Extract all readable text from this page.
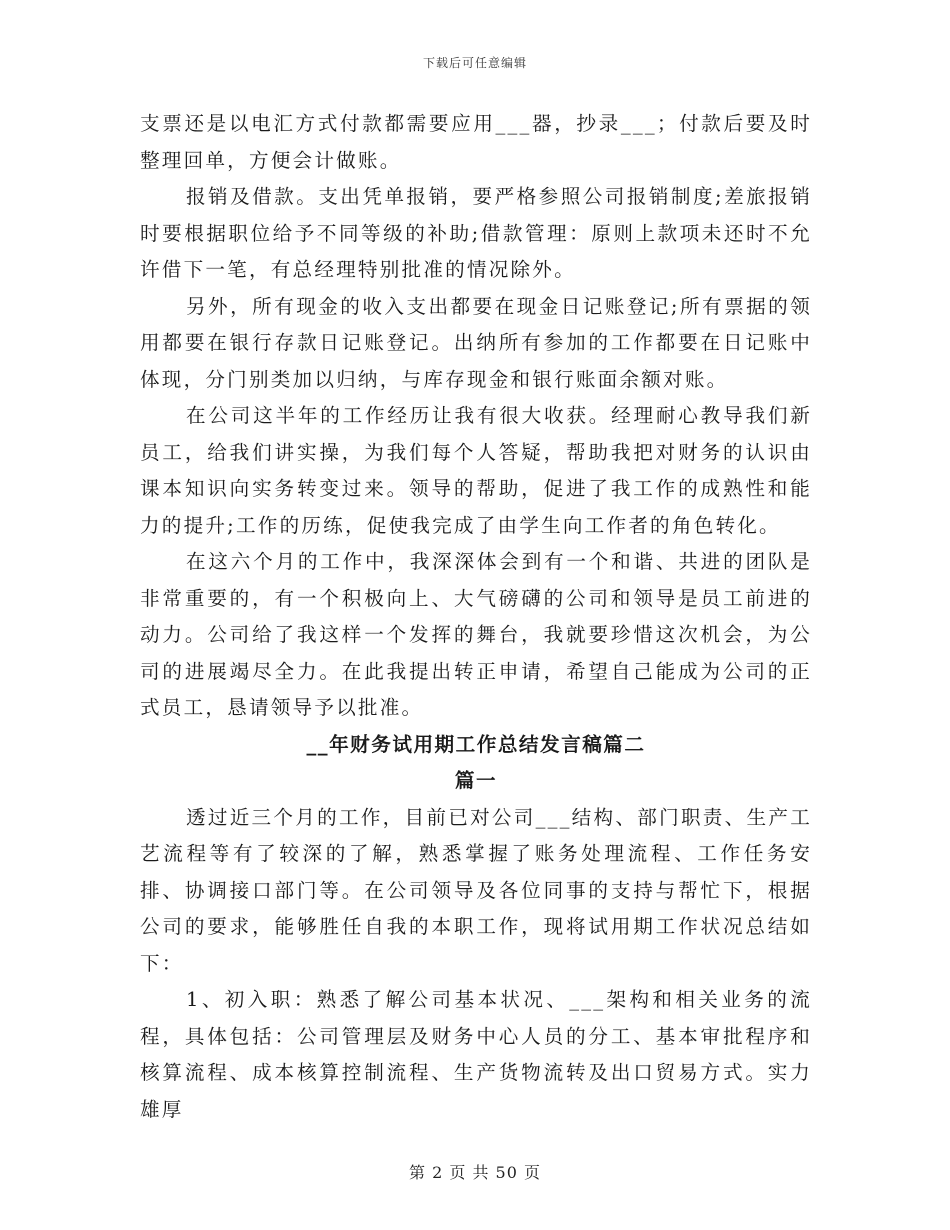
下载后可任意编辑

支票还是以电汇方式付款都需要应用___器，抄录___；付款后要及时整理回单，方便会计做账。

报销及借款。支出凭单报销，要严格参照公司报销制度;差旅报销时要根据职位给予不同等级的补助;借款管理：原则上款项未还时不允许借下一笔，有总经理特别批准的情况除外。

另外，所有现金的收入支出都要在现金日记账登记;所有票据的领用都要在银行存款日记账登记。出纳所有参加的工作都要在日记账中体现，分门别类加以归纳，与库存现金和银行账面余额对账。

在公司这半年的工作经历让我有很大收获。经理耐心教导我们新员工，给我们讲实操，为我们每个人答疑，帮助我把对财务的认识由课本知识向实务转变过来。领导的帮助，促进了我工作的成熟性和能力的提升;工作的历练，促使我完成了由学生向工作者的角色转化。

在这六个月的工作中，我深深体会到有一个和谐、共进的团队是非常重要的，有一个积极向上、大气磅礴的公司和领导是员工前进的动力。公司给了我这样一个发挥的舞台，我就要珍惜这次机会，为公司的进展竭尽全力。在此我提出转正申请，希望自己能成为公司的正式员工，恳请领导予以批准。

__年财务试用期工作总结发言稿篇二

篇一

透过近三个月的工作，目前已对公司___结构、部门职责、生产工艺流程等有了较深的了解，熟悉掌握了账务处理流程、工作任务安排、协调接口部门等。在公司领导及各位同事的支持与帮忙下，根据公司的要求，能够胜任自我的本职工作，现将试用期工作状况总结如下：

1、初入职：熟悉了解公司基本状况、___架构和相关业务的流程，具体包括：公司管理层及财务中心人员的分工、基本审批程序和核算流程、成本核算控制流程、生产货物流转及出口贸易方式。实力雄厚

第 2 页 共 50 页
